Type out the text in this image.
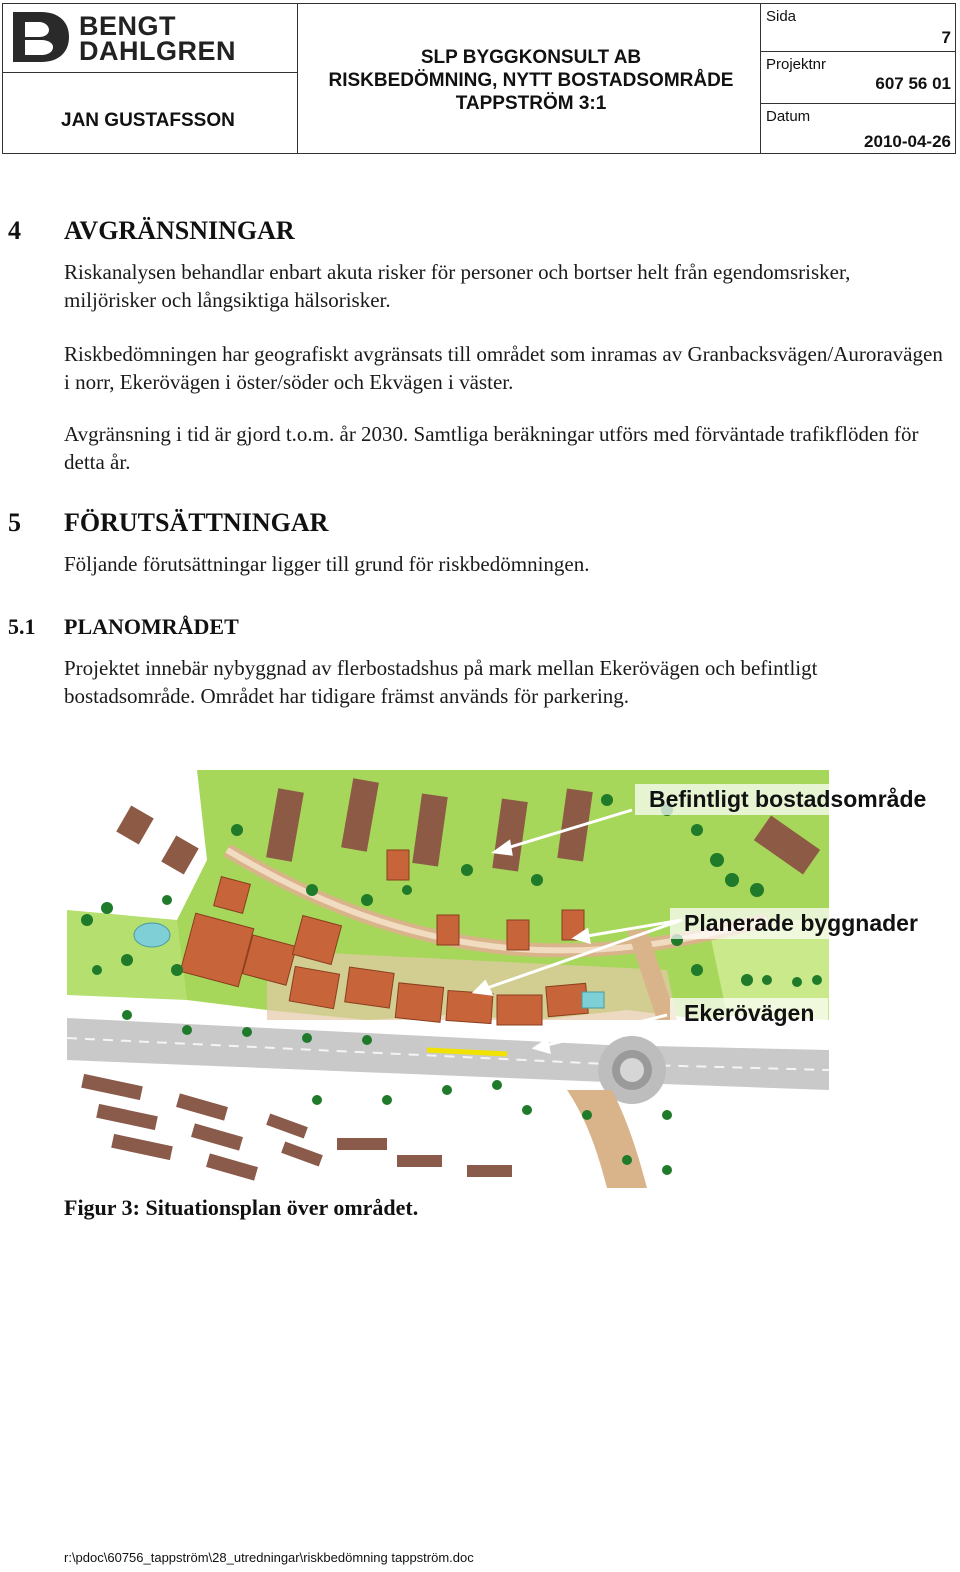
BENGT
DAHLGREN
JAN GUSTAFSSON
SLP BYGGKONSULT AB
RISKBEDÖMNING, NYTT BOSTADSOMRÅDE
TAPPSTRÖM 3:1
Sida
7
Projektnr
607 56 01
Datum
2010-04-26
4 AVGRÄNSNINGAR
Riskanalysen behandlar enbart akuta risker för personer och bortser helt från egendomsrisker, miljörisker och långsiktiga hälsorisker.
Riskbedömningen har geografiskt avgränsats till området som inramas av Granbacksvägen/Auroravägen i norr, Ekerövägen i öster/söder och Ekvägen i väster.
Avgränsning i tid är gjord t.o.m. år 2030. Samtliga beräkningar utförs med förväntade trafikflöden för detta år.
5 FÖRUTSÄTTNINGAR
Följande förutsättningar ligger till grund för riskbedömningen.
5.1 PLANOMRÅDET
Projektet innebär nybyggnad av flerbostadshus på mark mellan Ekerövägen och befintligt bostadsområde. Området har tidigare främst används för parkering.
Befintligt bostadsområde
Planerade byggnader
Ekerövägen
Figur 3: Situationsplan över området.
r:\pdoc\60756_tappström\28_utredningar\riskbedömning tappström.doc
